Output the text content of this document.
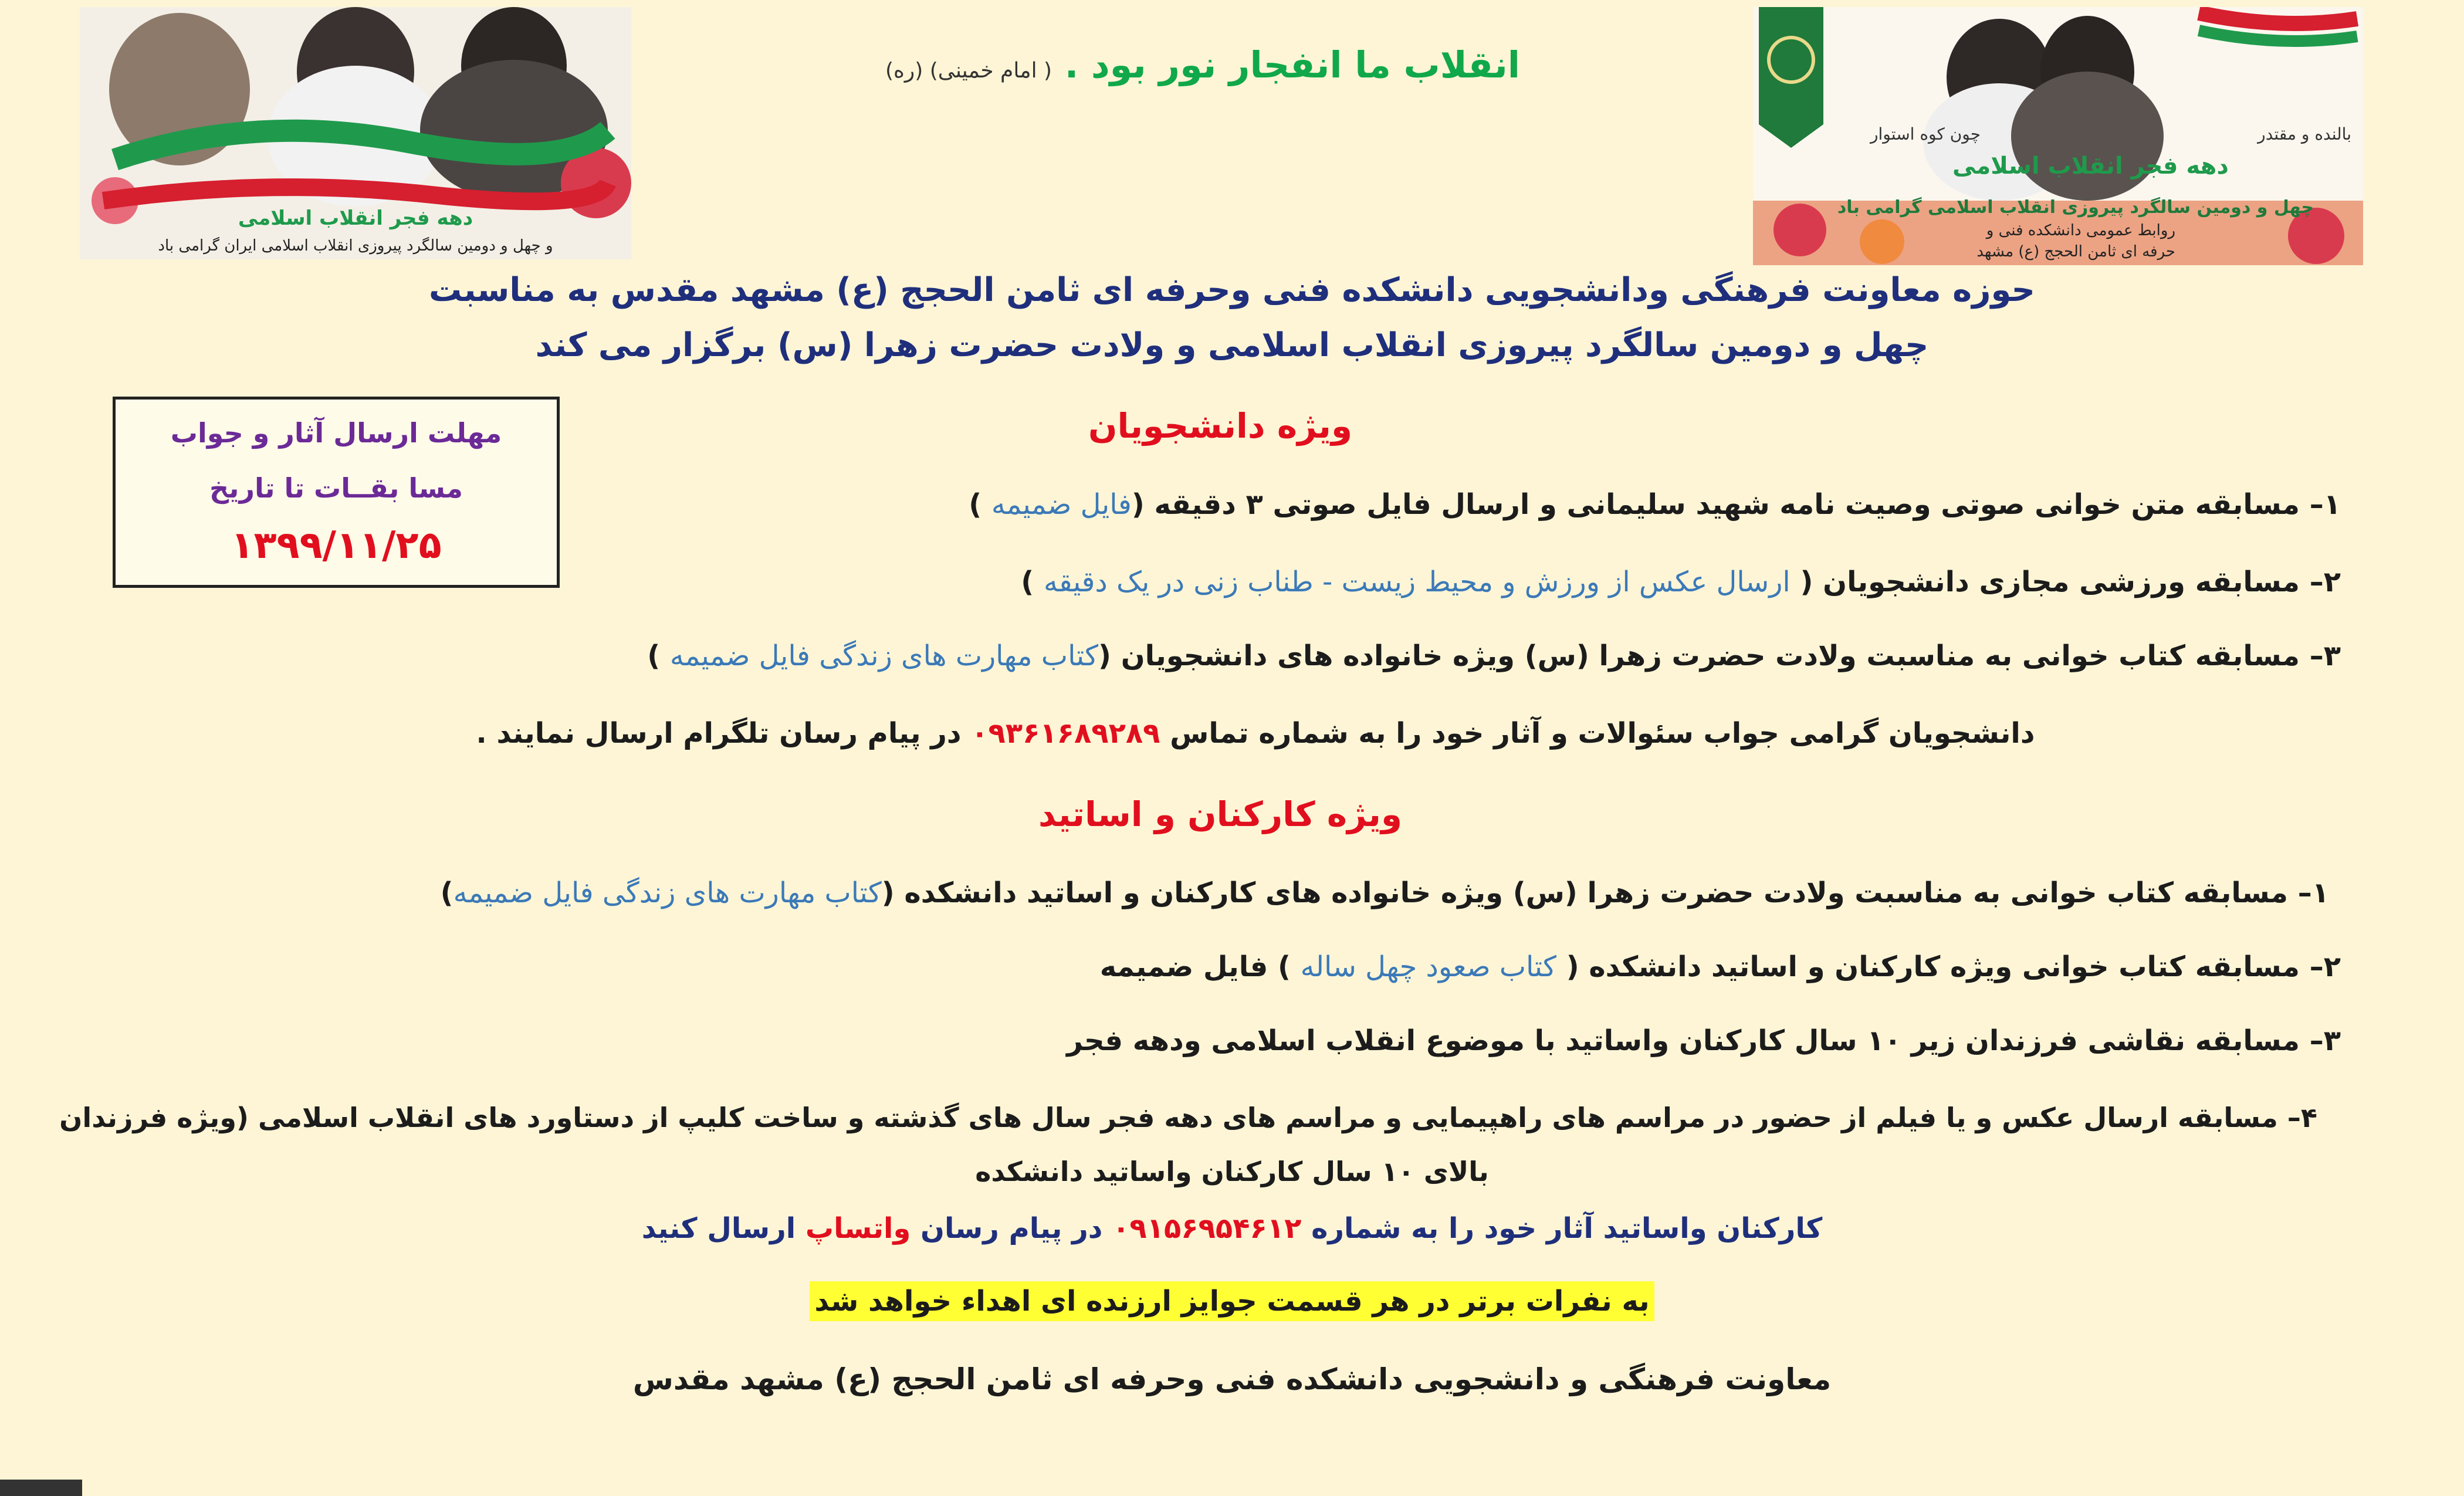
دهه فجر انقلاب اسلامی
و چهل و دومین سالگرد پیروزی انقلاب اسلامی ایران گرامی باد
چون کوه استوار	بالنده و مقتدر
دهه فجر انقلاب اسلامی
چهل و دومین سالگرد پیروزی انقلاب اسلامی گرامی باد
روابط عمومی دانشکده فنی و
حرفه ای ثامن الحجج (ع) مشهد
انقلاب ما انفجار نور بود . ( امام خمینی) (ره)
حوزه معاونت فرهنگی ودانشجویی دانشکده فنی وحرفه ای ثامن الحجج (ع) مشهد مقدس به مناسبت
چهل و دومین سالگرد پیروزی انقلاب اسلامی و ولادت حضرت زهرا (س) برگزار می کند
مهلت ارسال آثار و جواب
مسا بقــات تا تاریخ
۱۳۹۹/۱۱/۲۵
ویژه دانشجویان
۱– مسابقه متن خوانی صوتی وصیت نامه شهید سلیمانی و ارسال فایل صوتی ۳ دقیقه (فایل ضمیمه )
۲– مسابقه ورزشی مجازی دانشجویان ( ارسال عکس از ورزش و محیط زیست - طناب زنی در یک دقیقه )
۳– مسابقه کتاب خوانی به مناسبت ولادت حضرت زهرا (س) ویژه خانواده های دانشجویان (کتاب مهارت های زندگی فایل ضمیمه )
دانشجویان گرامی جواب سئوالات و آثار خود را به شماره تماس ۰۹۳۶۱۶۸۹۲۸۹ در پیام رسان تلگرام ارسال نمایند .
ویژه کارکنان و اساتید
۱– مسابقه کتاب خوانی به مناسبت ولادت حضرت زهرا (س) ویژه خانواده های کارکنان و اساتید دانشکده (کتاب مهارت های زندگی فایل ضمیمه)
۲– مسابقه کتاب خوانی ویژه کارکنان و اساتید دانشکده ( کتاب صعود چهل ساله ) فایل ضمیمه
۳– مسابقه نقاشی فرزندان زیر ۱۰ سال کارکنان واساتید با موضوع انقلاب اسلامی ودهه فجر
۴– مسابقه ارسال عکس و یا فیلم از حضور در مراسم های راهپیمایی و مراسم های دهه فجر سال های گذشته و ساخت کلیپ از دستاورد های انقلاب اسلامی (ویژه فرزندان
بالای ۱۰ سال کارکنان واساتید دانشکده
کارکنان واساتید آثار خود را به شماره ۰۹۱۵۶۹۵۴۶۱۲ در پیام رسان واتساپ ارسال کنید
به نفرات برتر در هر قسمت جوایز ارزنده ای اهداء خواهد شد
معاونت فرهنگی و دانشجویی دانشکده فنی وحرفه ای ثامن الحجج (ع) مشهد مقدس
